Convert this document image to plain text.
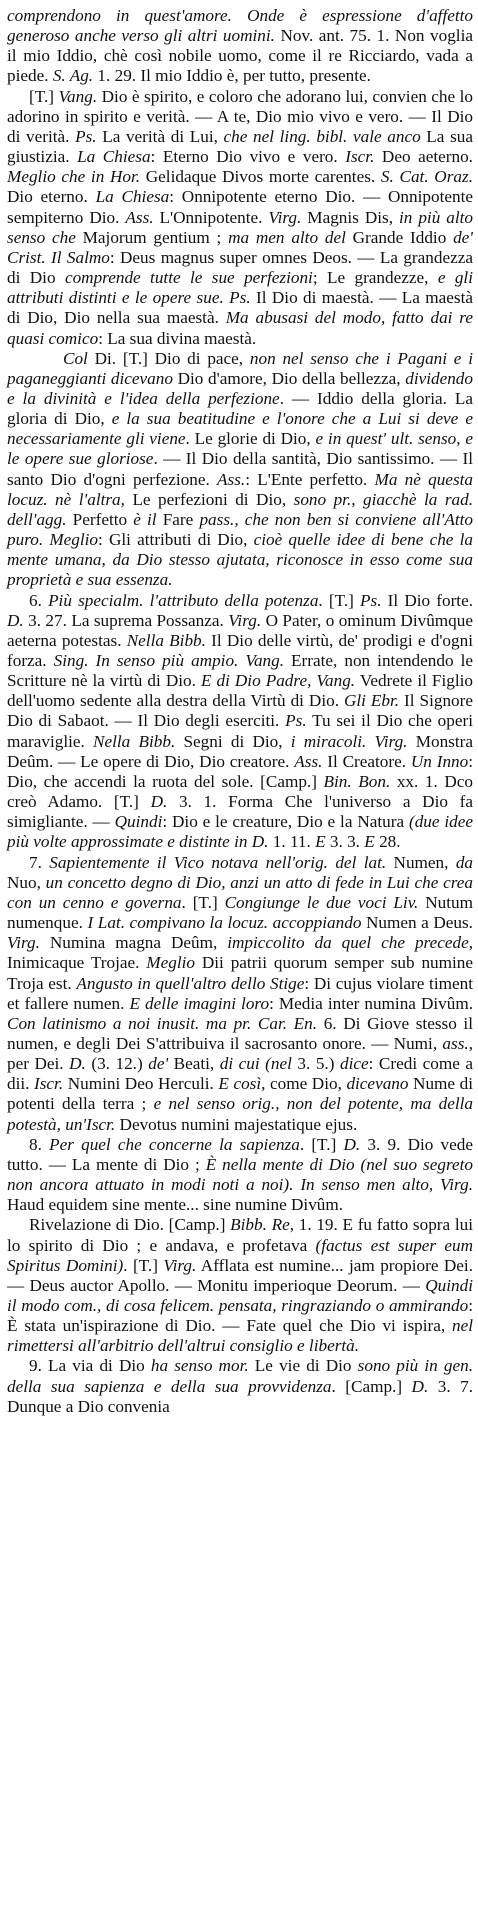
comprendono in quest'amore. Onde è espressione d'affetto generoso anche verso gli altri uomini. Nov. ant. 75. 1. Non voglia il mio Iddio, chè così nobile uomo, come il re Ricciardo, vada a piede. S. Ag. 1. 29. Il mio Iddio è, per tutto, presente.

[T.] Vang. Dio è spirito, e coloro che adorano lui, convien che lo adorino in spirito e verità. — A te, Dio mio vivo e vero. — Il Dio di verità. Ps. La verità di Lui, che nel ling. bibl. vale anco La sua giustizia. La Chiesa: Eterno Dio vivo e vero. Iscr. Deo aeterno. Meglio che in Hor. Gelidaque Divos morte carentes. S. Cat. Oraz. Dio eterno. La Chiesa: Onnipotente eterno Dio. — Onnipotente sempiterno Dio. Ass. L'Onnipotente. Virg. Magnis Dis, in più alto senso che Majorum gentium ; ma men alto del Grande Iddio de' Crist. Il Salmo: Deus magnus super omnes Deos. — La grandezza di Dio comprende tutte le sue perfezioni; Le grandezze, e gli attributi distinti e le opere sue. Ps. Il Dio di maestà. — La maestà di Dio, Dio nella sua maestà. Ma abusasi del modo, fatto dai re quasi comico: La sua divina maestà.

Col Di. [T.] Dio di pace, non nel senso che i Pagani e i paganeggianti dicevano Dio d'amore, Dio della bellezza, dividendo e la divinità e l'idea della perfezione. — Iddio della gloria. La gloria di Dio, e la sua beatitudine e l'onore che a Lui si deve e necessariamente gli viene. Le glorie di Dio, e in quest' ult. senso, e le opere sue gloriose. — Il Dio della santità, Dio santissimo. — Il santo Dio d'ogni perfezione. Ass.: L'Ente perfetto. Ma nè questa locuz. nè l'altra, Le perfezioni di Dio, sono pr., giacchè la rad. dell'agg. Perfetto è il Fare pass., che non ben si conviene all'Atto puro. Meglio: Gli attributi di Dio, cioè quelle idee di bene che la mente umana, da Dio stesso ajutata, riconosce in esso come sua proprietà e sua essenza.

6. Più specialm. l'attributo della potenza. [T.] Ps. Il Dio forte. D. 3. 27. La suprema Possanza. Virg. O Pater, o ominum Divûmque aeterna potestas. Nella Bibb. Il Dio delle virtù, de' prodigi e d'ogni forza. Sing. In senso più ampio. Vang. Errate, non intendendo le Scritture nè la virtù di Dio. E di Dio Padre, Vang. Vedrete il Figlio dell'uomo sedente alla destra della Virtù di Dio. Gli Ebr. Il Signore Dio di Sabaot. — Il Dio degli eserciti. Ps. Tu sei il Dio che operi maraviglie. Nella Bibb. Segni di Dio, i miracoli. Virg. Monstra Deûm. — Le opere di Dio, Dio creatore. Ass. Il Creatore. Un Inno: Dio, che accendi la ruota del sole. [Camp.] Bin. Bon. xx. 1. Dco creò Adamo. [T.] D. 3. 1. Forma Che l'universo a Dio fa simigliante. — Quindi: Dio e le creature, Dio e la Natura (due idee più volte approssimate e distinte in D. 1. 11. E 3. 3. E 28.

7. Sapientemente il Vico notava nell'orig. del lat. Numen, da Nuo, un concetto degno di Dio, anzi un atto di fede in Lui che crea con un cenno e governa. [T.] Congiunge le due voci Liv. Nutum numenque. I Lat. compivano la locuz. accoppiando Numen a Deus. Virg. Numina magna Deûm, impiccolito da quel che precede, Inimicaque Trojae. Meglio Dii patrii quorum semper sub numine Troja est. Angusto in quell'altro dello Stige: Di cujus violare timent et fallere numen. E delle imagini loro: Media inter numina Divûm. Con latinismo a noi inusit. ma pr. Car. En. 6. Di Giove stesso il numen, e degli Dei S'attribuiva il sacrosanto onore. — Numi, ass., per Dei. D. (3. 12.) de' Beati, di cui (nel 3. 5.) dice: Credi come a dii. Iscr. Numini Deo Herculi. E così, come Dio, dicevano Nume di potenti della terra ; e nel senso orig., non del potente, ma della potestà, un'Iscr. Devotus numini majestatique ejus.

8. Per quel che concerne la sapienza. [T.] D. 3. 9. Dio vede tutto. — La mente di Dio ; È nella mente di Dio (nel suo segreto non ancora attuato in modi noti a noi). In senso men alto, Virg. Haud equidem sine mente... sine numine Divûm.

Rivelazione di Dio. [Camp.] Bibb. Re, 1. 19. E fu fatto sopra lui lo spirito di Dio ; e andava, e profetava (factus est super eum Spiritus Domini). [T.] Virg. Afflata est numine... jam propiore Dei. — Deus auctor Apollo. — Monitu imperioque Deorum. — Quindi il modo com., di cosa felicem. pensata, ringraziando o ammirando: È stata un'ispirazione di Dio. — Fate quel che Dio vi ispira, nel rimettersi all'arbitrio dell'altrui consiglio e libertà.

9. La via di Dio ha senso mor. Le vie di Dio sono più in gen. della sua sapienza e della sua provvidenza. [Camp.] D. 3. 7. Dunque a Dio convenia
